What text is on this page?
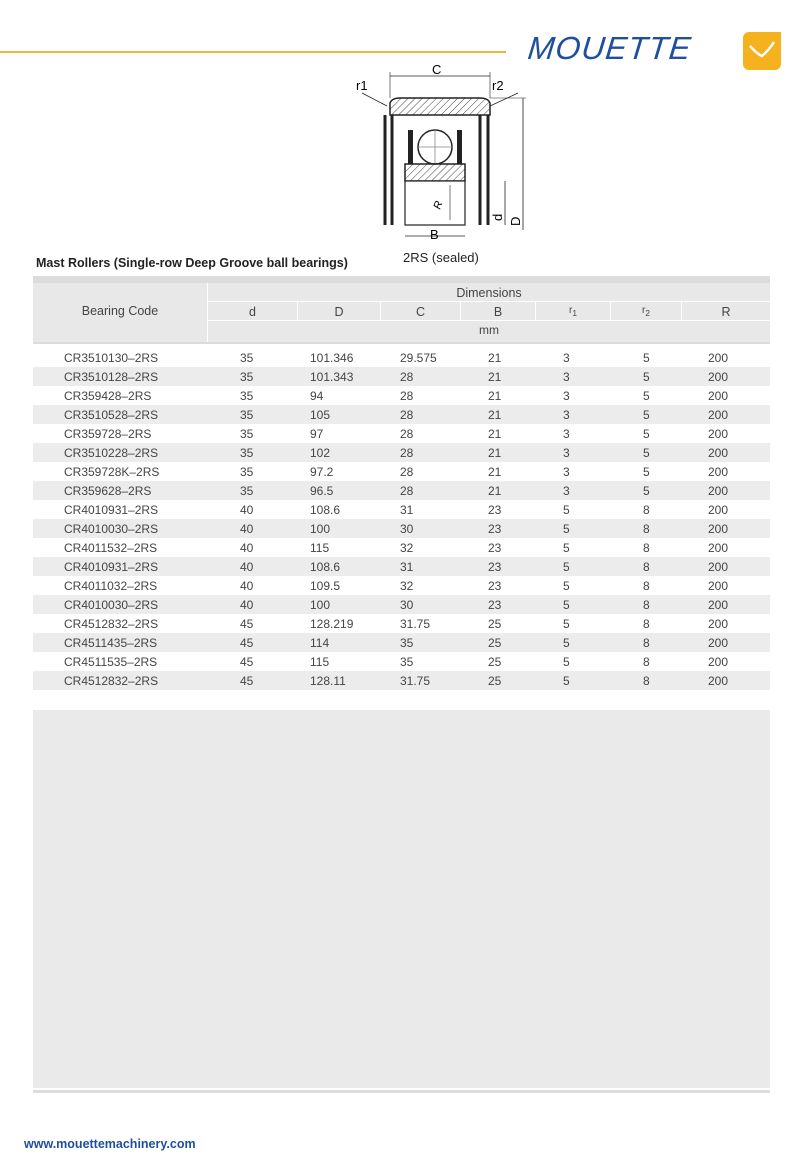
MOUETTE
C
r1	r2
R
d D
B
2RS (sealed)
Mast Rollers (Single-row Deep Groove ball bearings)
Bearing Code
Dimensions
d	D	C	B	$r_1$	$r_2$	R
mm
CR3510130–2RS	35	101.346	29.575	21	3	5	200
CR3510128–2RS	35	101.343	28	21	3	5	200
CR359428–2RS	35	94	28	21	3	5	200
CR3510528–2RS	35	105	28	21	3	5	200
CR359728–2RS	35	97	28	21	3	5	200
CR3510228–2RS	35	102	28	21	3	5	200
CR359728K–2RS	35	97.2	28	21	3	5	200
CR359628–2RS	35	96.5	28	21	3	5	200
CR4010931–2RS	40	108.6	31	23	5	8	200
CR4010030–2RS	40	100	30	23	5	8	200
CR4011532–2RS	40	115	32	23	5	8	200
CR4010931–2RS	40	108.6	31	23	5	8	200
CR4011032–2RS	40	109.5	32	23	5	8	200
CR4010030–2RS	40	100	30	23	5	8	200
CR4512832–2RS	45	128.219	31.75	25	5	8	200
CR4511435–2RS	45	114	35	25	5	8	200
CR4511535–2RS	45	115	35	25	5	8	200
CR4512832–2RS	45	128.11	31.75	25	5	8	200
www.mouettemachinery.com
